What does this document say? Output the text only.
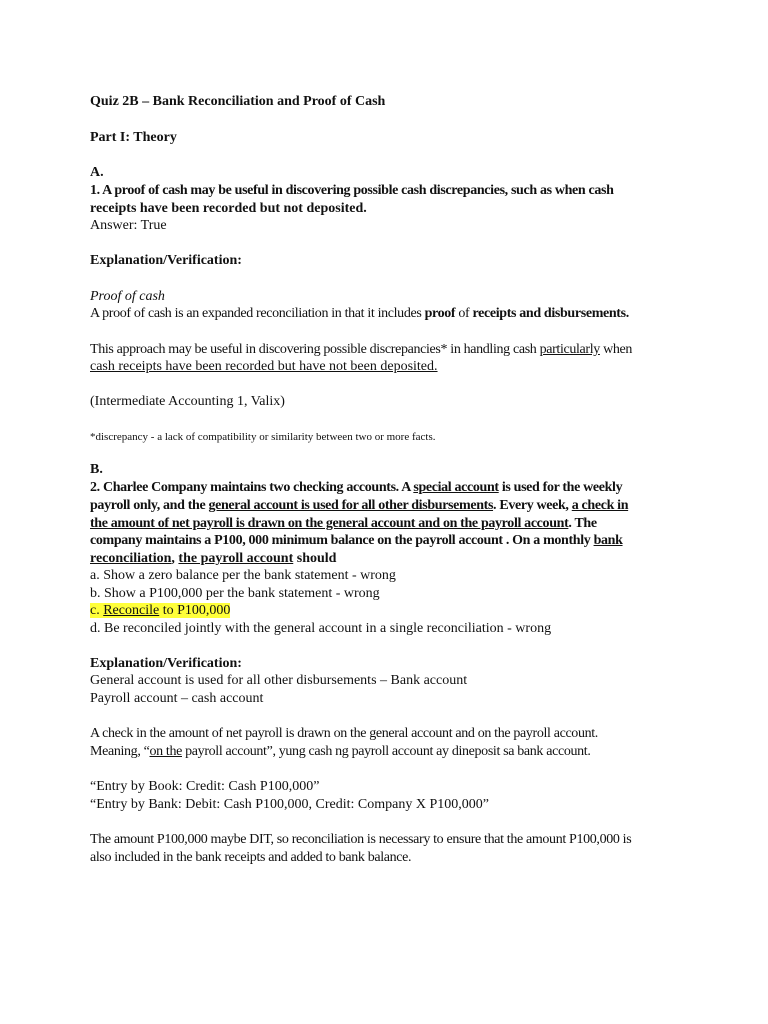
Quiz 2B – Bank Reconciliation and Proof of Cash
Part I: Theory
A.
1. A proof of cash may be useful in discovering possible cash discrepancies, such as when cash
receipts have been recorded but not deposited.
Answer: True
Explanation/Verification:
Proof of cash
A proof of cash is an expanded reconciliation in that it includes proof of receipts and disbursements.
This approach may be useful in discovering possible discrepancies* in handling cash particularly when
cash receipts have been recorded but have not been deposited.
(Intermediate Accounting 1, Valix)
*discrepancy - a lack of compatibility or similarity between two or more facts.
B.
2. Charlee Company maintains two checking accounts. A special account is used for the weekly
payroll only, and the general account is used for all other disbursements. Every week, a check in
the amount of net payroll is drawn on the general account and on the payroll account. The
company maintains a P100, 000 minimum balance on the payroll account . On a monthly bank
reconciliation, the payroll account should
a. Show a zero balance per the bank statement - wrong
b. Show a P100,000 per the bank statement - wrong
c. Reconcile to P100,000
d. Be reconciled jointly with the general account in a single reconciliation - wrong
Explanation/Verification:
General account is used for all other disbursements – Bank account
Payroll account – cash account
A check in the amount of net payroll is drawn on the general account and on the payroll account.
Meaning, “on the payroll account”, yung cash ng payroll account ay dineposit sa bank account.
“Entry by Book: Credit: Cash P100,000”
“Entry by Bank: Debit: Cash P100,000, Credit: Company X P100,000”
The amount P100,000 maybe DIT, so reconciliation is necessary to ensure that the amount P100,000 is
also included in the bank receipts and added to bank balance.
